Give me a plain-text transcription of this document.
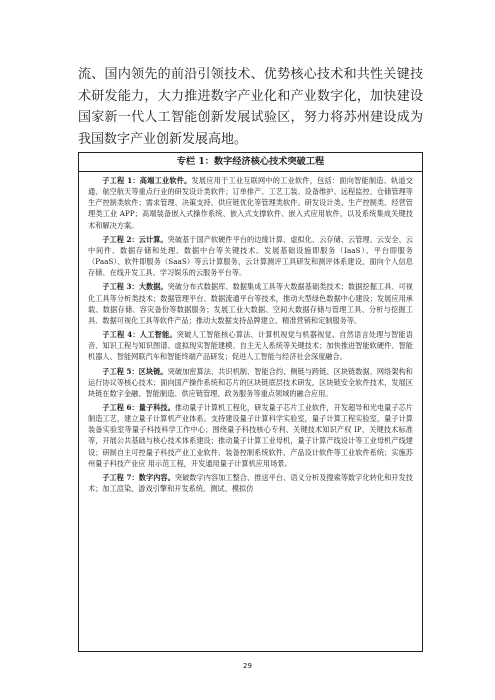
流、国内领先的前沿引领技术、优势核心技术和共性关键技术研发能力，大力推进数字产业化和产业数字化，加快建设国家新一代人工智能创新发展试验区，努力将苏州建设成为我国数字产业创新发展高地。

专栏 1：数字经济核心技术突破工程

子工程 1：高端工业软件。发展应用于工业互联网中的工业软件，包括：面向智能制造、轨道交通、航空航天等重点行业的研发设计类软件；订单排产、工艺工装、设备维护、远程监控、仓储管理等生产控制类软件；需求管理、决策支持、供应链优化等管理类软件。研发设计类、生产控制类、经营管理类工业 APP；高端装备嵌入式操作系统、嵌入式支撑软件、嵌入式应用软件，以及系统集成关键技术和解决方案。

子工程 2：云计算。突破基于国产软硬件平台的边缘计算、虚拟化、云存储、云管理、云安全、云中间件、数据存储和处理、数据中台等关键技术。发展基础设施即服务（IaaS）、平台即服务（PaaS）、软件即服务（SaaS）等云计算服务，云计算测评工具研发和测评体系建设，面向个人信息存储、在线开发工具、学习娱乐的云服务平台等。

子工程 3：大数据。突破分布式数据库、数据集成工具等大数据基础类技术；数据挖掘工具、可视化工具等分析类技术；数据管理平台、数据流通平台等技术，推动大型绿色数据中心建设；发展应用承载、数据存储、容灾备份等数据服务；发展工业大数据、空间大数据存储与管理工具、分析与挖掘工具、数据可视化工具等软件产品；推动大数据支持品牌建立、精准营销和定制服务等。

子工程 4：人工智能。突破人工智能核心算法、计算机视觉与机器视觉、自然语言处理与智能语音、知识工程与知识图谱、虚拟现实智能建模、自主无人系统等关键技术；加快推进智能软硬件、智能机器人、智能网联汽车和智能终端产品研发；促进人工智能与经济社会深度融合。

子工程 5：区块链。突破加密算法、共识机制、智能合约、侧链与跨链、区块链数据、网络架构和运行协议等核心技术；面向国产操作系统和芯片的区块链底层技术研发，区块链安全软件技术，发展区块链在数字金融、智能制造、供应链管理、政务服务等重点领域的融合应用。

子工程 6：量子科技。推动量子计算机工程化，研发量子芯片工业软件，开发超导和光电量子芯片制造工艺，建立量子计算机产业体系。支持建设量子计算科学实验室，量子计算工程实验室，量子计算装备实验室等量子科技科学工作中心；围绕量子科技核心专利、关键技术知识产权 IP、关键技术标准等，开展公共基础与核心技术体系建设；推动量子计算工业母机，量子计算产线设计等工业母机产线建设；研制自主可控量子科技产业工业软件、装备控制系统软件、产品设计软件等工业软件系统；实施苏州量子科技产业应 用示范工程，开发通用量子计算机应用场景。

子工程 7：数字内容。突破数字内容加工整合、推送平台、语义分析及搜索等数字化转化和开发技术；加工渲染、游戏引擎和开发系统、测试、模拟仿

29
